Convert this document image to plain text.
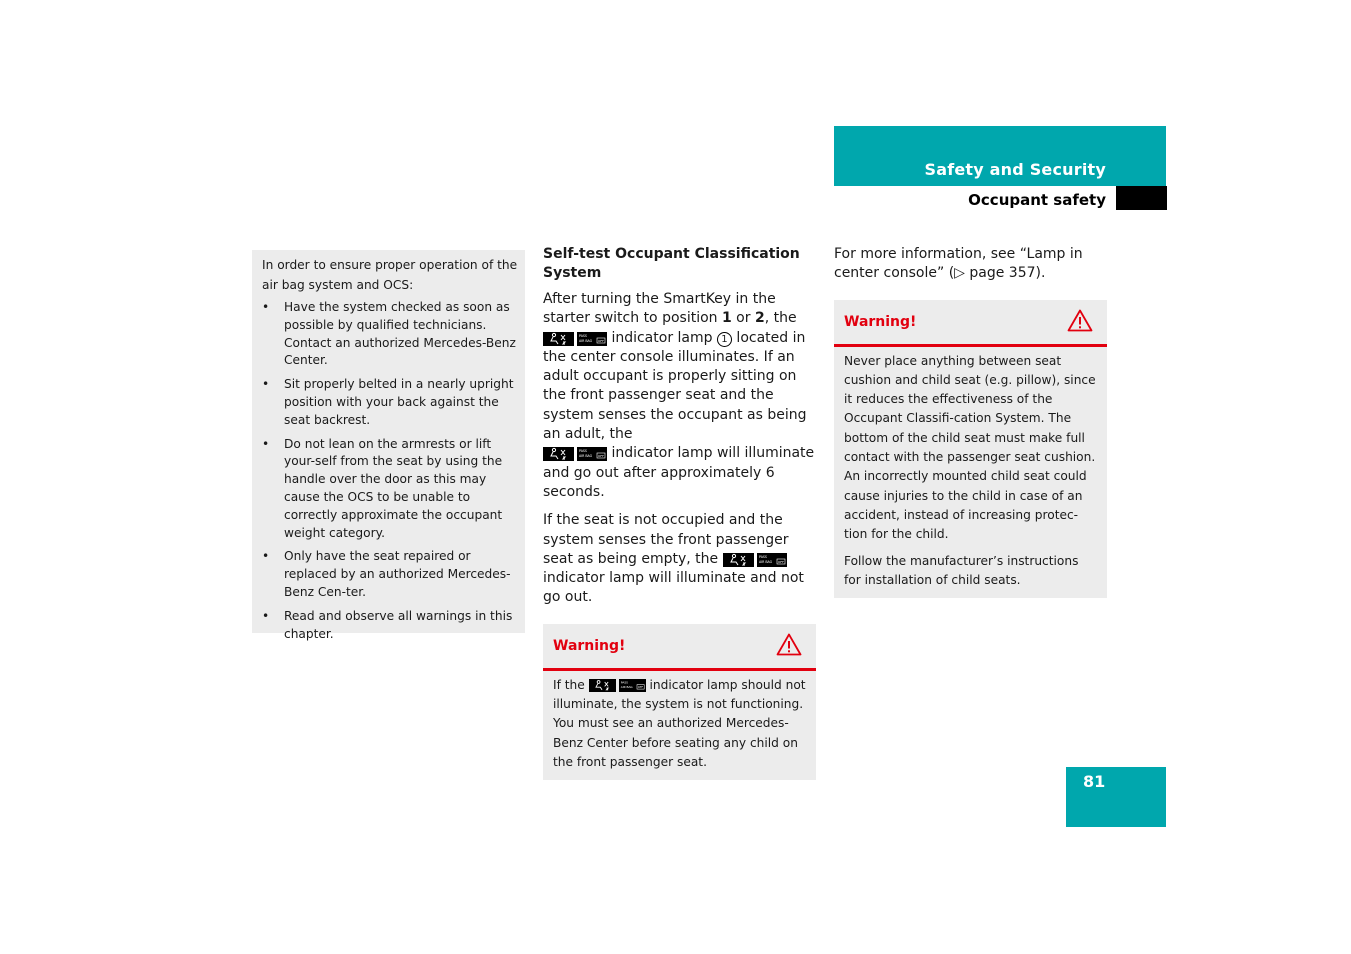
Safety and Security
Occupant safety
In order to ensure proper operation of the air bag system and OCS:
• Have the system checked as soon as possible by qualified technicians. Contact an authorized Mercedes-Benz Center.
• Sit properly belted in a nearly upright position with your back against the seat backrest.
• Do not lean on the armrests or lift your-self from the seat by using the handle over the door as this may cause the OCS to be unable to correctly approximate the occupant weight category.
• Only have the seat repaired or replaced by an authorized Mercedes-Benz Cen-ter.
• Read and observe all warnings in this chapter.
Self-test Occupant Classification System

After turning the SmartKey in the starter switch to position 1 or 2, the

PASS
AIR BAG OFF indicator lamp 1 located in the center console illuminates. If an adult occupant is properly sitting on the front passenger seat and the system senses the occupant as being an adult, the

PASS
AIR BAG OFF indicator lamp will illuminate and go out after approximately 6 seconds.

If the seat is not occupied and the system senses the front passenger seat as being empty, the	PASS
AIR BAG OFF
indicator lamp will illuminate and not go out.

Warning!

If the	PASS
AIR BAG OFF indicator lamp should not illuminate, the system is not functioning. You must see an authorized Mercedes-Benz Center before seating any child on the front passenger seat.

For more information, see “Lamp in center console” (▷ page 357).

Warning!

Never place anything between seat cushion and child seat (e.g. pillow), since it reduces the effectiveness of the Occupant Classifi-cation System. The bottom of the child seat must make full contact with the passenger seat cushion. An incorrectly mounted child seat could cause injuries to the child in case of an accident, instead of increasing protec-tion for the child.

Follow the manufacturer’s instructions for installation of child seats.

81
